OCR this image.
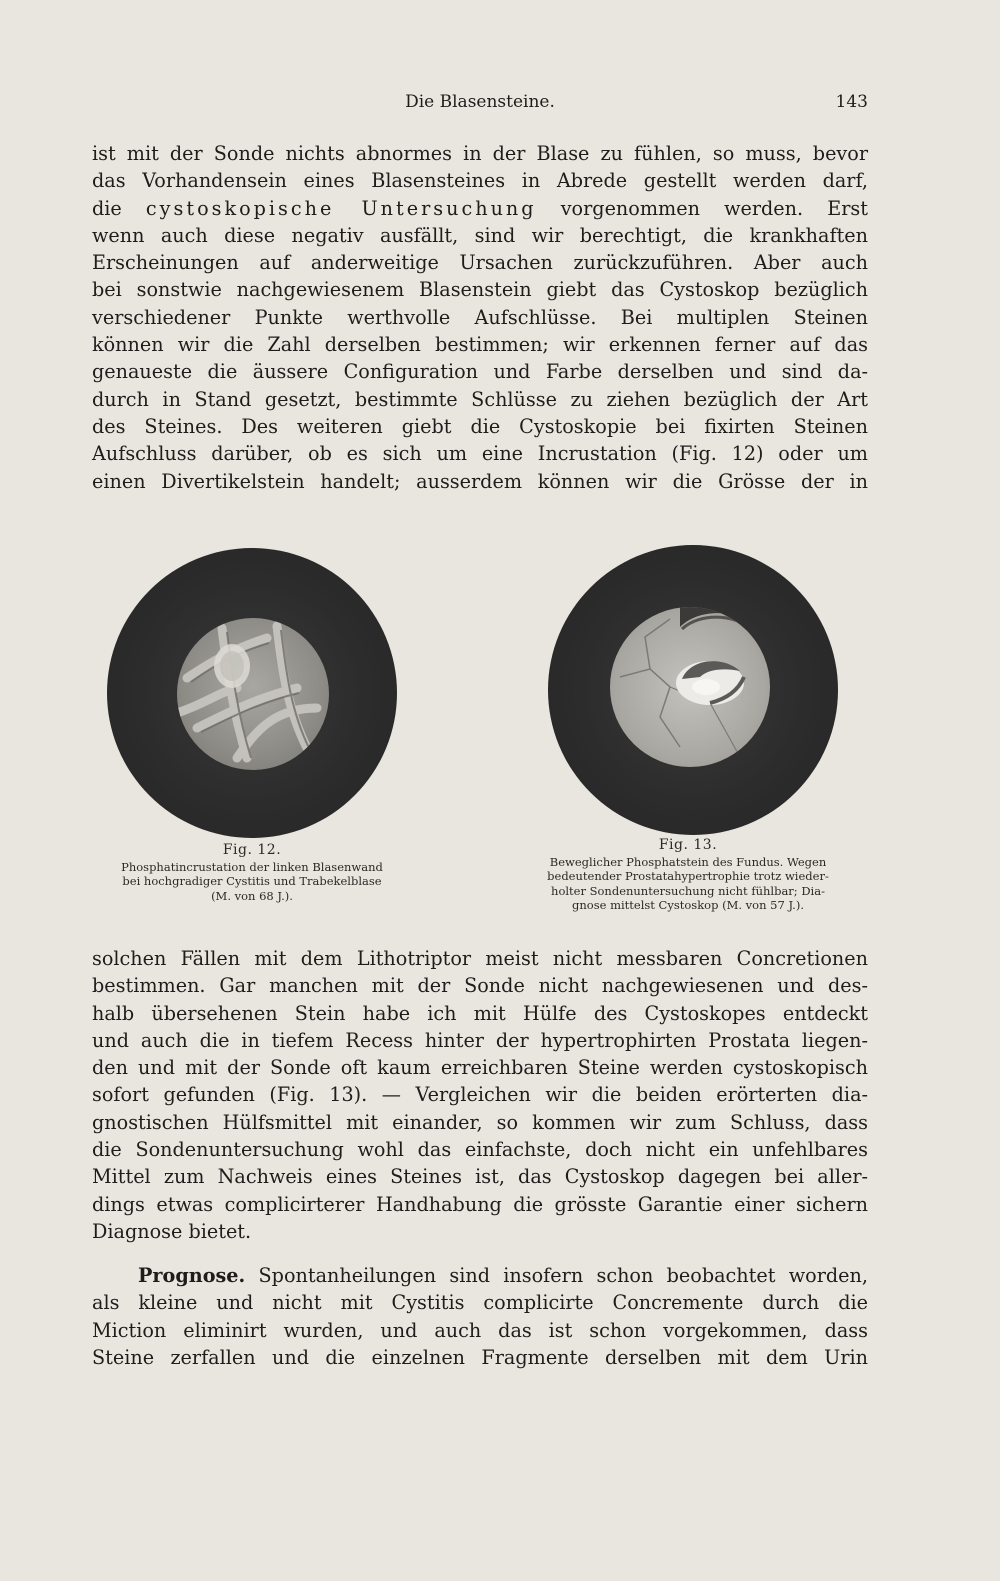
Die Blasensteine.	143
ist mit der Sonde nichts abnormes in der Blase zu fühlen, so muss, bevor
das Vorhandensein eines Blasensteines in Abrede gestellt werden darf,
die cystoskopische Untersuchung vorgenommen werden. Erst
wenn auch diese negativ ausfällt, sind wir berechtigt, die krankhaften
Erscheinungen auf anderweitige Ursachen zurückzuführen. Aber auch
bei sonstwie nachgewiesenem Blasenstein giebt das Cystoskop bezüglich
verschiedener Punkte werthvolle Aufschlüsse. Bei multiplen Steinen
können wir die Zahl derselben bestimmen; wir erkennen ferner auf das
genaueste die äussere Configuration und Farbe derselben und sind da-
durch in Stand gesetzt, bestimmte Schlüsse zu ziehen bezüglich der Art
des Steines. Des weiteren giebt die Cystoskopie bei fixirten Steinen
Aufschluss darüber, ob es sich um eine Incrustation (Fig. 12) oder um
einen Divertikelstein handelt; ausserdem können wir die Grösse der in
Fig. 12.
Phosphatincrustation der linken Blasenwand
bei hochgradiger Cystitis und Trabekelblase
(M. von 68 J.).
Fig. 13.
Beweglicher Phosphatstein des Fundus. Wegen
bedeutender Prostatahypertrophie trotz wieder-
holter Sondenuntersuchung nicht fühlbar; Dia-
gnose mittelst Cystoskop (M. von 57 J.).
solchen Fällen mit dem Lithotriptor meist nicht messbaren Concretionen
bestimmen. Gar manchen mit der Sonde nicht nachgewiesenen und des-
halb übersehenen Stein habe ich mit Hülfe des Cystoskopes entdeckt
und auch die in tiefem Recess hinter der hypertrophirten Prostata liegen-
den und mit der Sonde oft kaum erreichbaren Steine werden cystoskopisch
sofort gefunden (Fig. 13). — Vergleichen wir die beiden erörterten dia-
gnostischen Hülfsmittel mit einander, so kommen wir zum Schluss, dass
die Sondenuntersuchung wohl das einfachste, doch nicht ein unfehlbares
Mittel zum Nachweis eines Steines ist, das Cystoskop dagegen bei aller-
dings etwas complicirterer Handhabung die grösste Garantie einer sichern
Diagnose bietet.
Prognose. Spontanheilungen sind insofern schon beobachtet worden,
als kleine und nicht mit Cystitis complicirte Concremente durch die
Miction eliminirt wurden, und auch das ist schon vorgekommen, dass
Steine zerfallen und die einzelnen Fragmente derselben mit dem Urin
